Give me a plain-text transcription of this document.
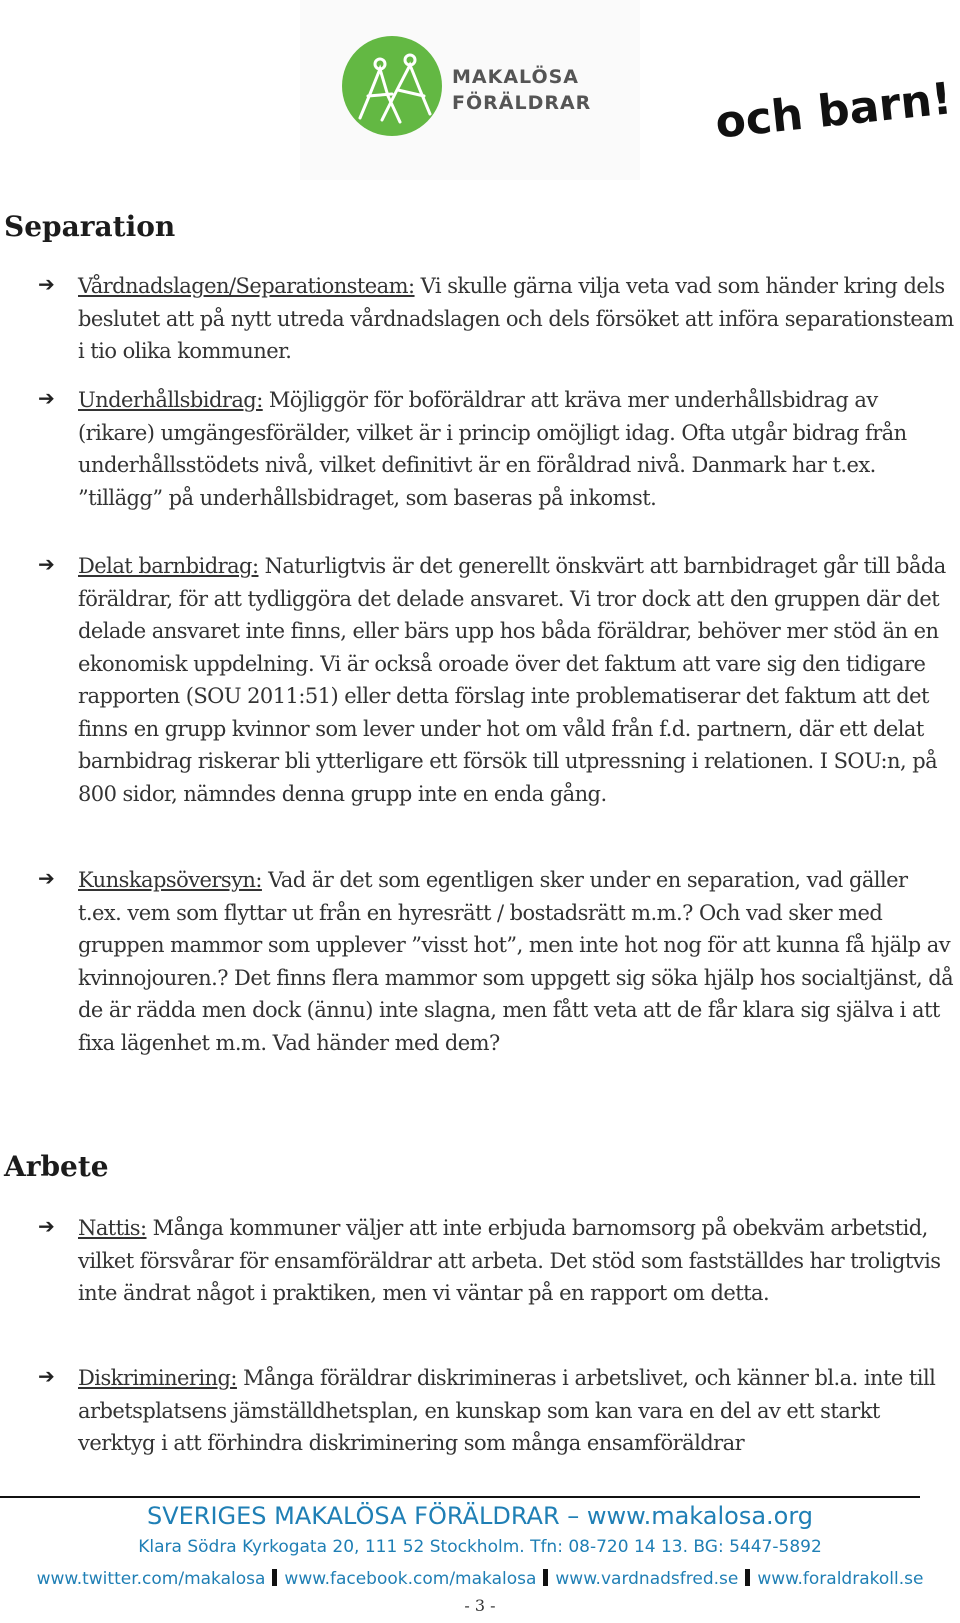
MAKALÖSA
FÖRÄLDRAR	och barn!
Separation
➔ Vårdnadslagen/Separationsteam: Vi skulle gärna vilja veta vad som händer kring dels beslutet att på nytt utreda vårdnadslagen och dels försöket att införa separationsteam i tio olika kommuner.
➔ Underhållsbidrag: Möjliggör för boföräldrar att kräva mer underhållsbidrag av (rikare) umgängesförälder, vilket är i princip omöjligt idag. Ofta utgår bidrag från underhållsstödets nivå, vilket definitivt är en föråldrad nivå. Danmark har t.ex. ”tillägg” på underhållsbidraget, som baseras på inkomst.
➔ Delat barnbidrag: Naturligtvis är det generellt önskvärt att barnbidraget går till båda föräldrar, för att tydliggöra det delade ansvaret. Vi tror dock att den gruppen där det delade ansvaret inte finns, eller bärs upp hos båda föräldrar, behöver mer stöd än en ekonomisk uppdelning. Vi är också oroade över det faktum att vare sig den tidigare rapporten (SOU 2011:51) eller detta förslag inte problematiserar det faktum att det finns en grupp kvinnor som lever under hot om våld från f.d. partnern, där ett delat barnbidrag riskerar bli ytterligare ett försök till utpressning i relationen. I SOU:n, på 800 sidor, nämndes denna grupp inte en enda gång.
➔ Kunskapsöversyn: Vad är det som egentligen sker under en separation, vad gäller t.ex. vem som flyttar ut från en hyresrätt / bostadsrätt m.m.? Och vad sker med gruppen mammor som upplever ”visst hot”, men inte hot nog för att kunna få hjälp av kvinnojouren.? Det finns flera mammor som uppgett sig söka hjälp hos socialtjänst, då de är rädda men dock (ännu) inte slagna, men fått veta att de får klara sig själva i att fixa lägenhet m.m. Vad händer med dem?
Arbete
➔ Nattis: Många kommuner väljer att inte erbjuda barnomsorg på obekväm arbetstid, vilket försvårar för ensamföräldrar att arbeta. Det stöd som fastställdes har troligtvis inte ändrat något i praktiken, men vi väntar på en rapport om detta.
➔ Diskriminering: Många föräldrar diskrimineras i arbetslivet, och känner bl.a. inte till arbetsplatsens jämställdhetsplan, en kunskap som kan vara en del av ett starkt verktyg i att förhindra diskriminering som många ensamföräldrar
SVERIGES MAKALÖSA FÖRÄLDRAR – www.makalosa.org
Klara Södra Kyrkogata 20, 111 52 Stockholm. Tfn: 08-720 14 13. BG: 5447-5892
www.twitter.com/makalosa www.facebook.com/makalosa www.vardnadsfred.se www.foraldrakoll.se
- 3 -
